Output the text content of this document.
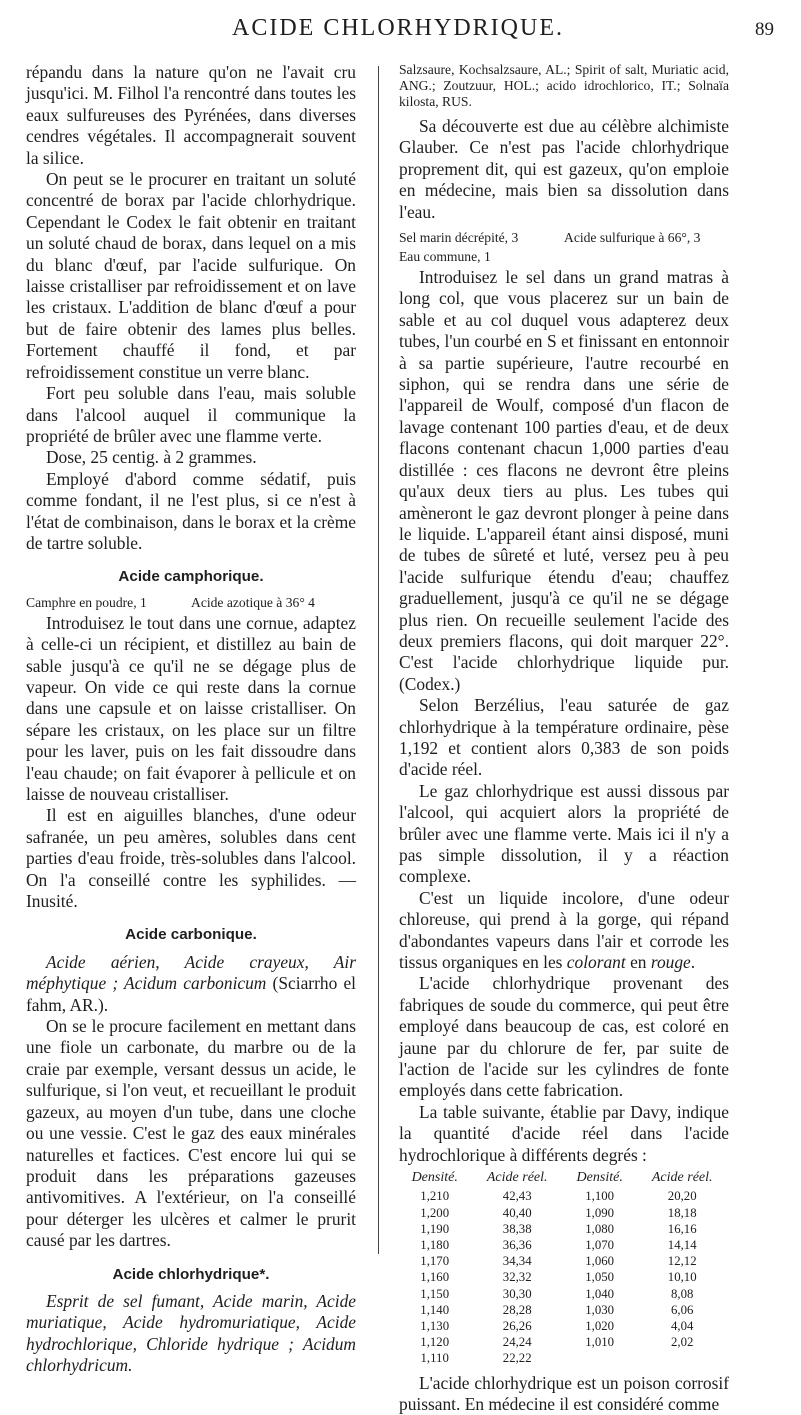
ACIDE CHLORHYDRIQUE.	89

répandu dans la nature qu'on ne l'avait cru jusqu'ici. M. Filhol l'a rencontré dans toutes les eaux sulfureuses des Pyrénées, dans diverses cendres végétales. Il accompagnerait souvent la silice.

On peut se le procurer en traitant un soluté concentré de borax par l'acide chlorhydrique. Cependant le Codex le fait obtenir en traitant un soluté chaud de borax, dans lequel on a mis du blanc d'œuf, par l'acide sulfurique. On laisse cristalliser par refroidissement et on lave les cristaux. L'addition de blanc d'œuf a pour but de faire obtenir des lames plus belles. Fortement chauffé il fond, et par refroidissement constitue un verre blanc.

Fort peu soluble dans l'eau, mais soluble dans l'alcool auquel il communique la propriété de brûler avec une flamme verte.

Dose, 25 centig. à 2 grammes.

Employé d'abord comme sédatif, puis comme fondant, il ne l'est plus, si ce n'est à l'état de combinaison, dans le borax et la crème de tartre soluble.

Acide camphorique.
Camphre en poudre, 1	Acide azotique à 36° 4

Introduisez le tout dans une cornue, adaptez à celle-ci un récipient, et distillez au bain de sable jusqu'à ce qu'il ne se dégage plus de vapeur. On vide ce qui reste dans la cornue dans une capsule et on laisse cristalliser. On sépare les cristaux, on les place sur un filtre pour les laver, puis on les fait dissoudre dans l'eau chaude; on fait évaporer à pellicule et on laisse de nouveau cristalliser.

Il est en aiguilles blanches, d'une odeur safranée, un peu amères, solubles dans cent parties d'eau froide, très-solubles dans l'alcool. On l'a conseillé contre les syphilides. — Inusité.

Acide carbonique.

Acide aérien, Acide crayeux, Air méphytique ; Acidum carbonicum (Sciarrho el fahm, AR.).

On se le procure facilement en mettant dans une fiole un carbonate, du marbre ou de la craie par exemple, versant dessus un acide, le sulfurique, si l'on veut, et recueillant le produit gazeux, au moyen d'un tube, dans une cloche ou une vessie. C'est le gaz des eaux minérales naturelles et factices. C'est encore lui qui se produit dans les préparations gazeuses antivomitives. A l'extérieur, on l'a conseillé pour déterger les ulcères et calmer le prurit causé par les dartres.

Acide chlorhydrique*.

Esprit de sel fumant, Acide marin, Acide muriatique, Acide hydromuriatique, Acide hydrochlorique, Chloride hydrique ; Acidum chlorhydricum.

Salzsaure, Kochsalzsaure, AL.; Spirit of salt, Muriatic acid, ANG.; Zoutzuur, HOL.; acido idrochlorico, IT.; Solnaïa kilosta, RUS.

Sa découverte est due au célèbre alchimiste Glauber. Ce n'est pas l'acide chlorhydrique proprement dit, qui est gazeux, qu'on emploie en médecine, mais bien sa dissolution dans l'eau.

Sel marin décrépité, 3	Acide sulfurique à 66°, 3
Eau commune, 1

Introduisez le sel dans un grand matras à long col, que vous placerez sur un bain de sable et au col duquel vous adapterez deux tubes, l'un courbé en S et finissant en entonnoir à sa partie supérieure, l'autre recourbé en siphon, qui se rendra dans une série de l'appareil de Woulf, composé d'un flacon de lavage contenant 100 parties d'eau, et de deux flacons contenant chacun 1,000 parties d'eau distillée : ces flacons ne devront être pleins qu'aux deux tiers au plus. Les tubes qui amèneront le gaz devront plonger à peine dans le liquide. L'appareil étant ainsi disposé, muni de tubes de sûreté et luté, versez peu à peu l'acide sulfurique étendu d'eau; chauffez graduellement, jusqu'à ce qu'il ne se dégage plus rien. On recueille seulement l'acide des deux premiers flacons, qui doit marquer 22°. C'est l'acide chlorhydrique liquide pur. (Codex.)

Selon Berzélius, l'eau saturée de gaz chlorhydrique à la température ordinaire, pèse 1,192 et contient alors 0,383 de son poids d'acide réel.

Le gaz chlorhydrique est aussi dissous par l'alcool, qui acquiert alors la propriété de brûler avec une flamme verte. Mais ici il n'y a pas simple dissolution, il y a réaction complexe.

C'est un liquide incolore, d'une odeur chloreuse, qui prend à la gorge, qui répand d'abondantes vapeurs dans l'air et corrode les tissus organiques en les colorant en rouge.

L'acide chlorhydrique provenant des fabriques de soude du commerce, qui peut être employé dans beaucoup de cas, est coloré en jaune par du chlorure de fer, par suite de l'action de l'acide sur les cylindres de fonte employés dans cette fabrication.

La table suivante, établie par Davy, indique la quantité d'acide réel dans l'acide hydrochlorique à différents degrés :

Densité.	Acide réel.	Densité.	Acide réel.
1,210	42,43	1,100	20,20
1,200	40,40	1,090	18,18
1,190	38,38	1,080	16,16
1,180	36,36	1,070	14,14
1,170	34,34	1,060	12,12
1,160	32,32	1,050	10,10
1,150	30,30	1,040	8,08
1,140	28,28	1,030	6,06
1,130	26,26	1,020	4,04
1,120	24,24	1,010	2,02
1,110	22,22		

L'acide chlorhydrique est un poison corrosif puissant. En médecine il est considéré comme
